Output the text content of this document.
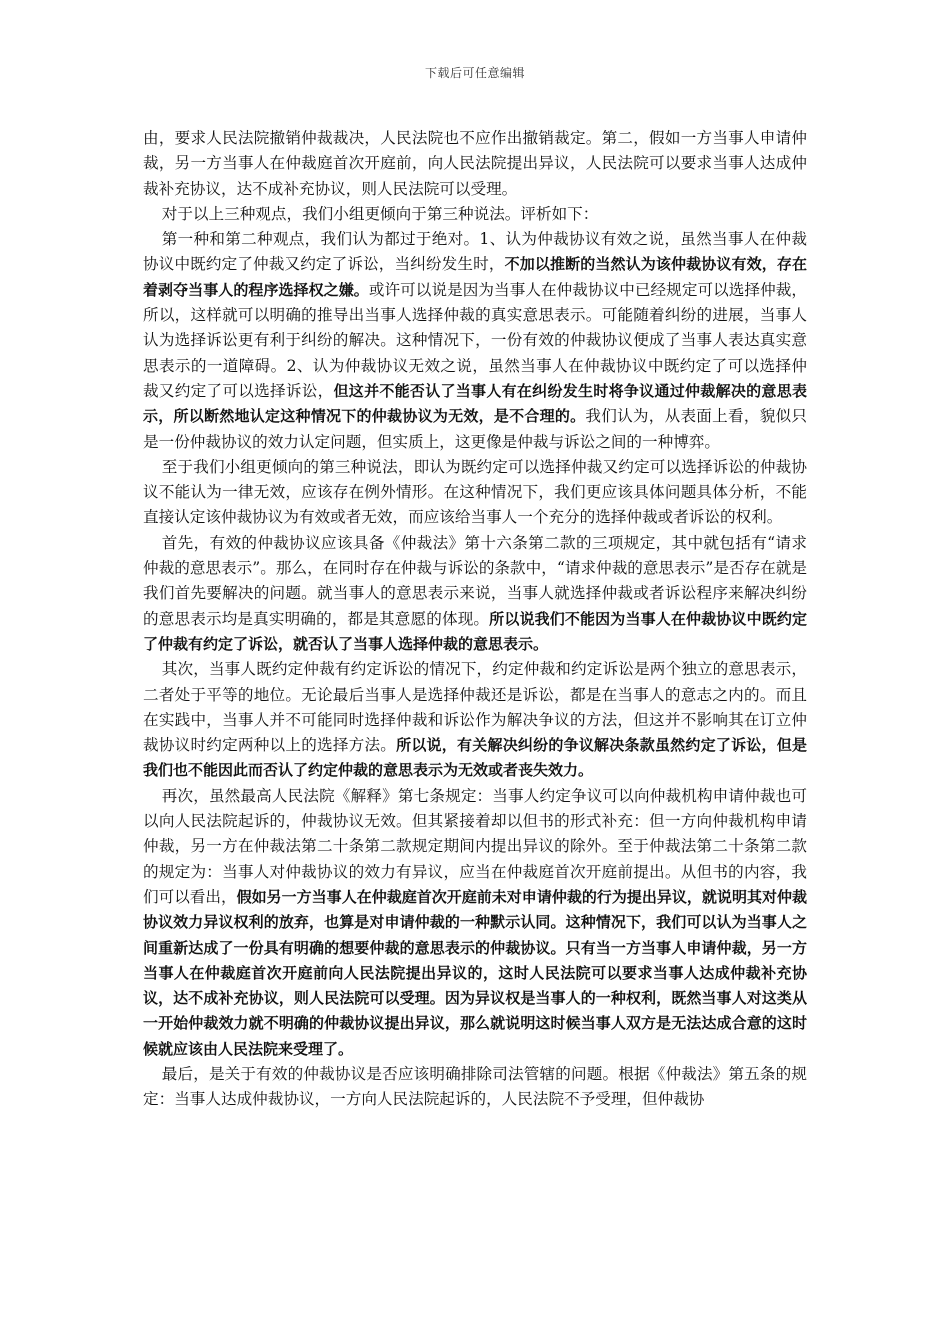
下载后可任意编辑

由，要求人民法院撤销仲裁裁决，人民法院也不应作出撤销裁定。第二，假如一方当事人申请仲裁，另一方当事人在仲裁庭首次开庭前，向人民法院提出异议，人民法院可以要求当事人达成仲裁补充协议，达不成补充协议，则人民法院可以受理。

对于以上三种观点，我们小组更倾向于第三种说法。评析如下：

第一种和第二种观点，我们认为都过于绝对。1、认为仲裁协议有效之说，虽然当事人在仲裁协议中既约定了仲裁又约定了诉讼，当纠纷发生时，不加以推断的当然认为该仲裁协议有效，存在着剥夺当事人的程序选择权之嫌。或许可以说是因为当事人在仲裁协议中已经规定可以选择仲裁，所以，这样就可以明确的推导出当事人选择仲裁的真实意思表示。可能随着纠纷的进展，当事人认为选择诉讼更有利于纠纷的解决。这种情况下，一份有效的仲裁协议便成了当事人表达真实意思表示的一道障碍。2、认为仲裁协议无效之说，虽然当事人在仲裁协议中既约定了可以选择仲裁又约定了可以选择诉讼，但这并不能否认了当事人有在纠纷发生时将争议通过仲裁解决的意思表示，所以断然地认定这种情况下的仲裁协议为无效，是不合理的。我们认为，从表面上看，貌似只是一份仲裁协议的效力认定问题，但实质上，这更像是仲裁与诉讼之间的一种博弈。

至于我们小组更倾向的第三种说法，即认为既约定可以选择仲裁又约定可以选择诉讼的仲裁协议不能认为一律无效，应该存在例外情形。在这种情况下，我们更应该具体问题具体分析，不能直接认定该仲裁协议为有效或者无效，而应该给当事人一个充分的选择仲裁或者诉讼的权利。

首先，有效的仲裁协议应该具备《仲裁法》第十六条第二款的三项规定，其中就包括有“请求仲裁的意思表示”。那么，在同时存在仲裁与诉讼的条款中，“请求仲裁的意思表示”是否存在就是我们首先要解决的问题。就当事人的意思表示来说，当事人就选择仲裁或者诉讼程序来解决纠纷的意思表示均是真实明确的，都是其意愿的体现。所以说我们不能因为当事人在仲裁协议中既约定了仲裁有约定了诉讼，就否认了当事人选择仲裁的意思表示。

其次，当事人既约定仲裁有约定诉讼的情况下，约定仲裁和约定诉讼是两个独立的意思表示，二者处于平等的地位。无论最后当事人是选择仲裁还是诉讼，都是在当事人的意志之内的。而且在实践中，当事人并不可能同时选择仲裁和诉讼作为解决争议的方法，但这并不影响其在订立仲裁协议时约定两种以上的选择方法。所以说，有关解决纠纷的争议解决条款虽然约定了诉讼，但是我们也不能因此而否认了约定仲裁的意思表示为无效或者丧失效力。

再次，虽然最高人民法院《解释》第七条规定：当事人约定争议可以向仲裁机构申请仲裁也可以向人民法院起诉的，仲裁协议无效。但其紧接着却以但书的形式补充：但一方向仲裁机构申请仲裁，另一方在仲裁法第二十条第二款规定期间内提出异议的除外。至于仲裁法第二十条第二款的规定为：当事人对仲裁协议的效力有异议，应当在仲裁庭首次开庭前提出。从但书的内容，我们可以看出，假如另一方当事人在仲裁庭首次开庭前未对申请仲裁的行为提出异议，就说明其对仲裁协议效力异议权利的放弃，也算是对申请仲裁的一种默示认同。这种情况下，我们可以认为当事人之间重新达成了一份具有明确的想要仲裁的意思表示的仲裁协议。只有当一方当事人申请仲裁，另一方当事人在仲裁庭首次开庭前向人民法院提出异议的，这时人民法院可以要求当事人达成仲裁补充协议，达不成补充协议，则人民法院可以受理。因为异议权是当事人的一种权利，既然当事人对这类从一开始仲裁效力就不明确的仲裁协议提出异议，那么就说明这时候当事人双方是无法达成合意的这时候就应该由人民法院来受理了。

最后，是关于有效的仲裁协议是否应该明确排除司法管辖的问题。根据《仲裁法》第五条的规定：当事人达成仲裁协议，一方向人民法院起诉的，人民法院不予受理，但仲裁协
